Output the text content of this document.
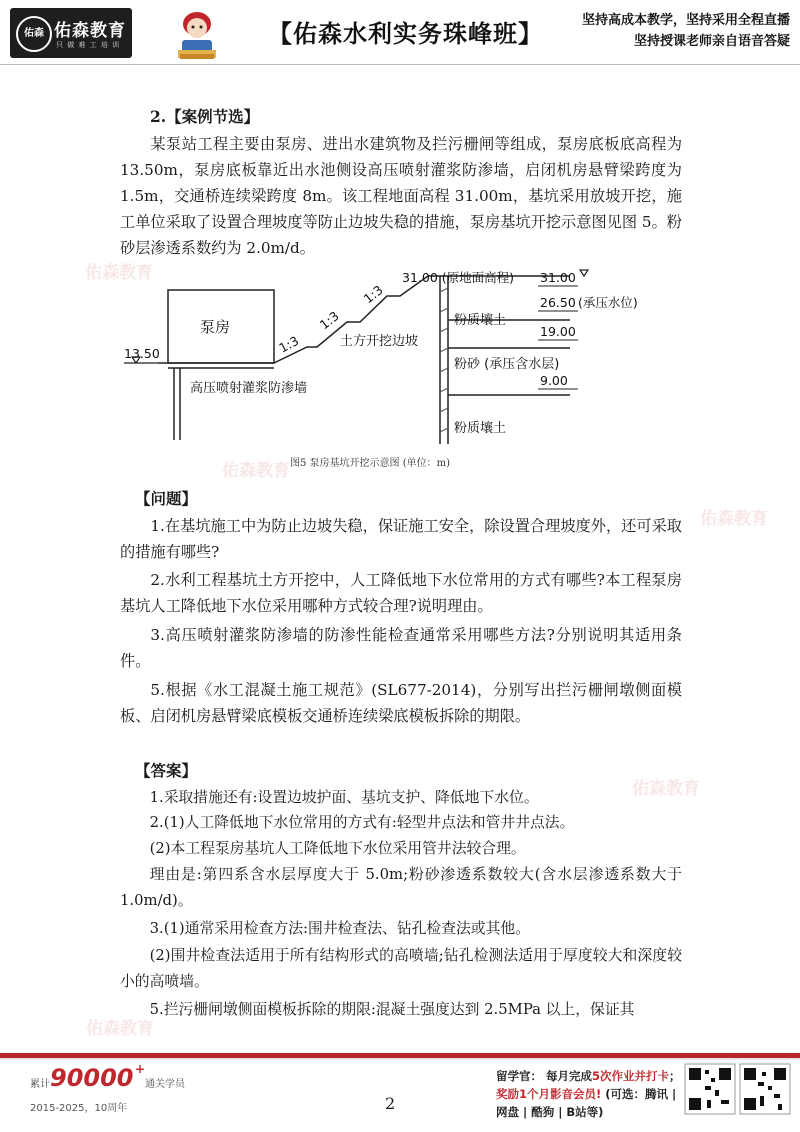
佑森教育
佑森教育
佑森教育
佑森教育
佑森教育
佑森 佑森教育
只 做 难 工 培 训	【佑森水利实务珠峰班】	坚持高成本教学，坚持采用全程直播
坚持授课老师亲自语音答疑
2.【案例节选】
某泵站工程主要由泵房、进出水建筑物及拦污栅闸等组成，泵房底板底高程为 13.50m，泵房底板靠近出水池侧设高压喷射灌浆防渗墙，启闭机房悬臂梁跨度为 1.5m，交通桥连续梁跨度 8m。该工程地面高程 31.00m，基坑采用放坡开挖，施工单位采取了设置合理坡度等防止边坡失稳的措施，泵房基坑开挖示意图见图 5。粉砂层渗透系数约为 2.0m/d。
泵房
13.50
高压喷射灌浆防渗墙
1:3
1:3
1:3
土方开挖边坡
31.00 (原地面高程)
粉质壤土
粉砂 (承压含水层)
粉质壤土
31.00
26.50 (承压水位)
19.00
9.00
图5 泵房基坑开挖示意图 (单位：m)
【问题】
1.在基坑施工中为防止边坡失稳，保证施工安全，除设置合理坡度外，还可采取的措施有哪些?
2.水利工程基坑土方开挖中，人工降低地下水位常用的方式有哪些?本工程泵房基坑人工降低地下水位采用哪种方式较合理?说明理由。
3.高压喷射灌浆防渗墙的防渗性能检查通常采用哪些方法?分别说明其适用条件。
5.根据《水工混凝土施工规范》(SL677-2014)，分别写出拦污栅闸墩侧面模板、启闭机房悬臂梁底模板交通桥连续梁底模板拆除的期限。
【答案】
1.采取措施还有:设置边坡护面、基坑支护、降低地下水位。
2.(1)人工降低地下水位常用的方式有:轻型井点法和管井井点法。
(2)本工程泵房基坑人工降低地下水位采用管井法较合理。
理由是:第四系含水层厚度大于 5.0m;粉砂渗透系数较大(含水层渗透系数大于 1.0m/d)。
3.(1)通常采用检查方法:围井检查法、钻孔检查法或其他。
(2)围井检查法适用于所有结构形式的高喷墙;钻孔检测法适用于厚度较大和深度较小的高喷墙。
5.拦污栅闸墩侧面模板拆除的期限:混凝土强度达到 2.5MPa 以上，保证其
累计 90000 +
通关学员
2015-2025，10周年	2
留学官： 每月完成5次作业并打卡；
奖励1个月影音会员! (可选：腾讯 |
网盘 | 酷狗 | B站等)
